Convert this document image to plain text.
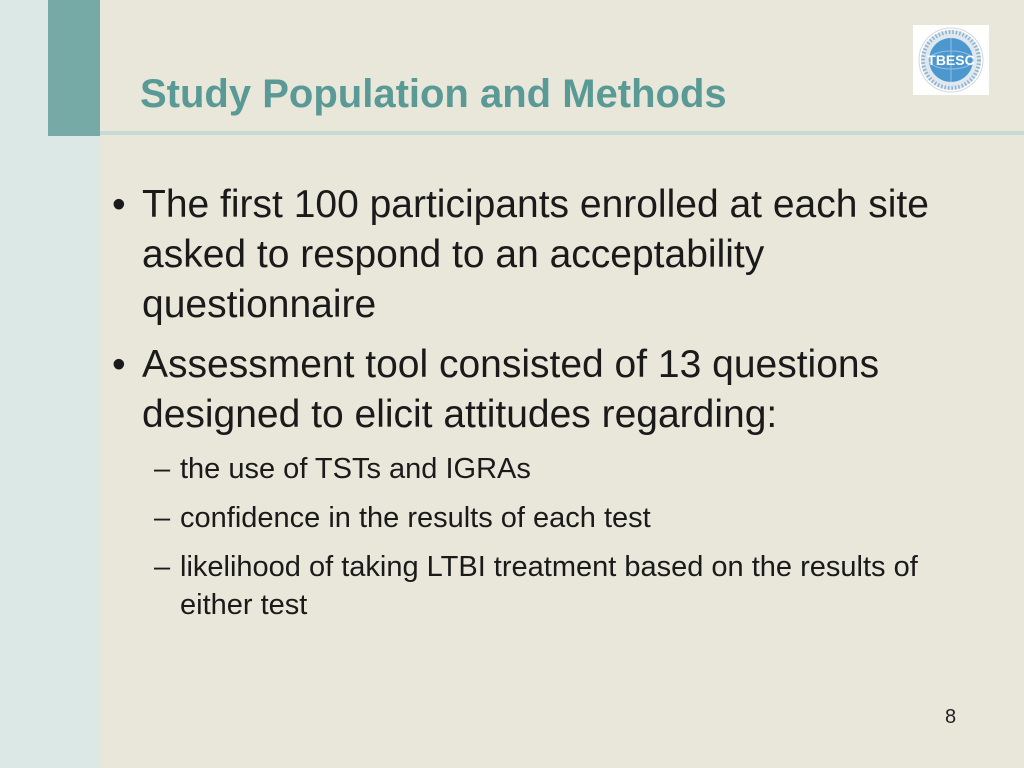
Study Population and Methods
TBESC
• The first 100 participants enrolled at each site asked to respond to an acceptability questionnaire
• Assessment tool consisted of 13 questions designed to elicit attitudes regarding:
– the use of TSTs and IGRAs
– confidence in the results of each test
– likelihood of taking LTBI treatment based on the results of either test
8
